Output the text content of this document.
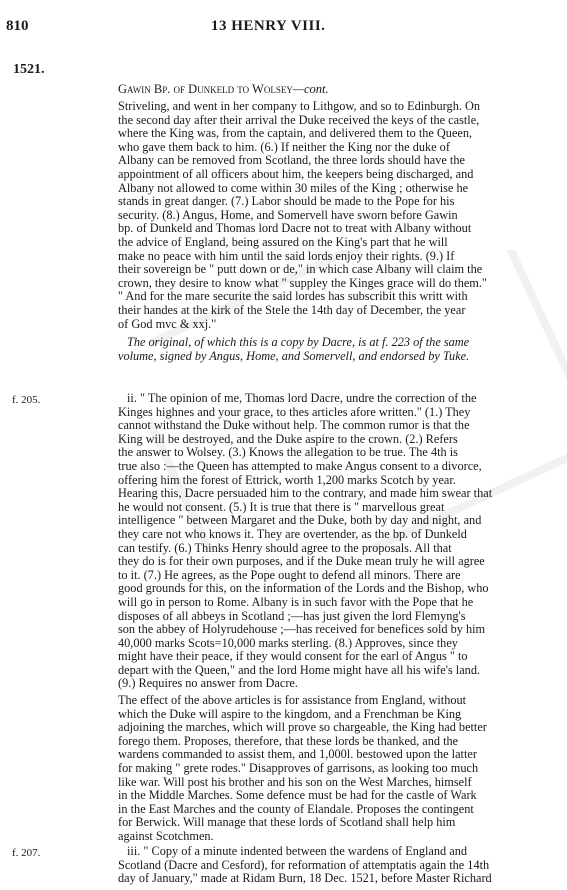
810	13 HENRY VIII.
1521.
Gawin Bp. of Dunkeld to Wolsey—cont.
Striveling, and went in her company to Lithgow, and so to Edinburgh. On
the second day after their arrival the Duke received the keys of the castle,
where the King was, from the captain, and delivered them to the Queen,
who gave them back to him. (6.) If neither the King nor the duke of
Albany can be removed from Scotland, the three lords should have the
appointment of all officers about him, the keepers being discharged, and
Albany not allowed to come within 30 miles of the King ; otherwise he
stands in great danger. (7.) Labor should be made to the Pope for his
security. (8.) Angus, Home, and Somervell have sworn before Gawin
bp. of Dunkeld and Thomas lord Dacre not to treat with Albany without
the advice of England, being assured on the King's part that he will
make no peace with him until the said lords enjoy their rights. (9.) If
their sovereign be " putt down or de," in which case Albany will claim the
crown, they desire to know what " suppley the Kinges grace will do them."
" And for the mare securite the said lordes has subscribit this writt with
their handes at the kirk of the Stele the 14th day of December, the year
of God mvc & xxj."
The original, of which this is a copy by Dacre, is at f. 223 of the same
volume, signed by Angus, Home, and Somervell, and endorsed by Tuke.
f. 205.	ii. " The opinion of me, Thomas lord Dacre, undre the correction of the
Kinges highnes and your grace, to thes articles afore written." (1.) They
cannot withstand the Duke without help. The common rumor is that the
King will be destroyed, and the Duke aspire to the crown. (2.) Refers
the answer to Wolsey. (3.) Knows the allegation to be true. The 4th is
true also :—the Queen has attempted to make Angus consent to a divorce,
offering him the forest of Ettrick, worth 1,200 marks Scotch by year.
Hearing this, Dacre persuaded him to the contrary, and made him swear that
he would not consent. (5.) It is true that there is " marvellous great
intelligence " between Margaret and the Duke, both by day and night, and
they care not who knows it. They are overtender, as the bp. of Dunkeld
can testify. (6.) Thinks Henry should agree to the proposals. All that
they do is for their own purposes, and if the Duke mean truly he will agree
to it. (7.) He agrees, as the Pope ought to defend all minors. There are
good grounds for this, on the information of the Lords and the Bishop, who
will go in person to Rome. Albany is in such favor with the Pope that he
disposes of all abbeys in Scotland ;—has just given the lord Flemyng's
son the abbey of Holyrudehouse ;—has received for benefices sold by him
40,000 marks Scots=10,000 marks sterling. (8.) Approves, since they
might have their peace, if they would consent for the earl of Angus " to
depart with the Queen," and the lord Home might have all his wife's land.
(9.) Requires no answer from Dacre.
The effect of the above articles is for assistance from England, without
which the Duke will aspire to the kingdom, and a Frenchman be King
adjoining the marches, which will prove so chargeable, the King had better
forego them. Proposes, therefore, that these lords be thanked, and the
wardens commanded to assist them, and 1,000l. bestowed upon the latter
for making " grete rodes." Disapproves of garrisons, as looking too much
like war. Will post his brother and his son on the West Marches, himself
in the Middle Marches. Some defence must be had for the castle of Wark
in the East Marches and the county of Elandale. Proposes the contingent
for Berwick. Will manage that these lords of Scotland shall help him
against Scotchmen.
f. 207.	iii. " Copy of a minute indented between the wardens of England and
Scotland (Dacre and Cesford), for reformation of attemptatis again the 14th
day of January," made at Ridam Burn, 18 Dec. 1521, before Master Richard
